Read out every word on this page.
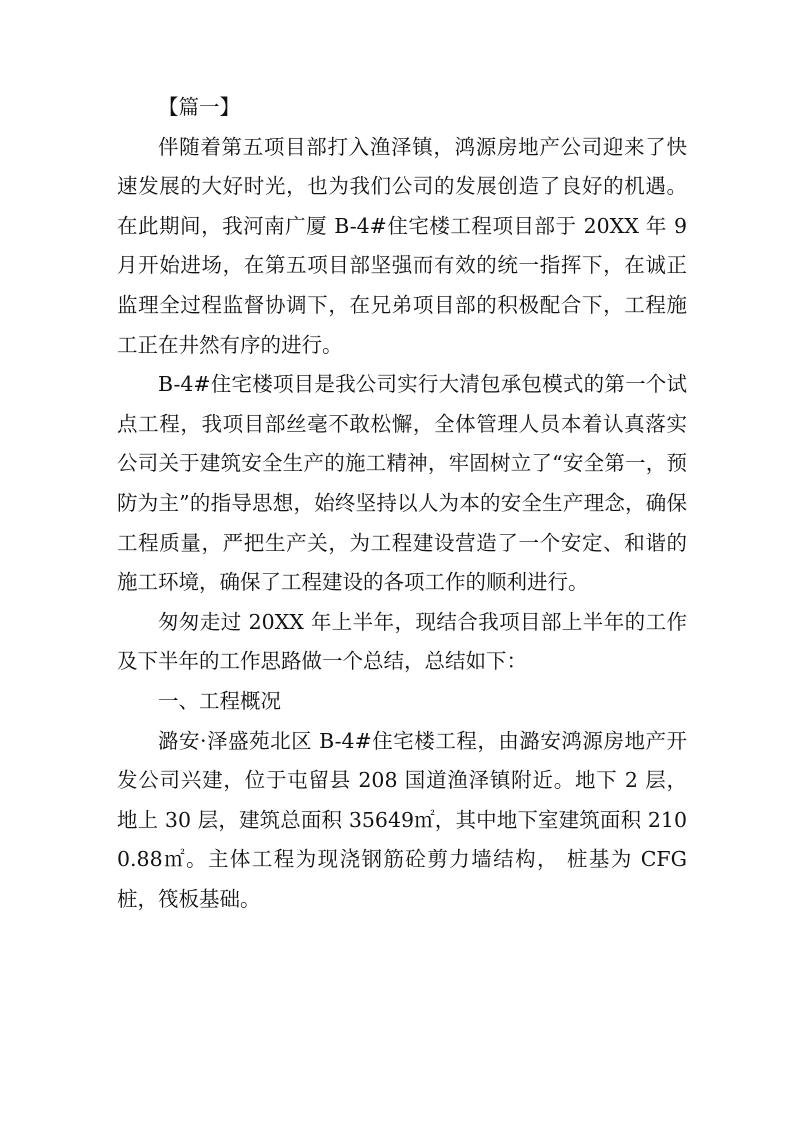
【篇一】

伴随着第五项目部打入渔泽镇，鸿源房地产公司迎来了快速发展的大好时光，也为我们公司的发展创造了良好的机遇。在此期间，我河南广厦 B-4#住宅楼工程项目部于 20XX 年 9 月开始进场，在第五项目部坚强而有效的统一指挥下，在诚正监理全过程监督协调下，在兄弟项目部的积极配合下，工程施工正在井然有序的进行。

B-4#住宅楼项目是我公司实行大清包承包模式的第一个试点工程，我项目部丝毫不敢松懈，全体管理人员本着认真落实公司关于建筑安全生产的施工精神，牢固树立了“安全第一，预防为主”的指导思想，始终坚持以人为本的安全生产理念，确保工程质量，严把生产关，为工程建设营造了一个安定、和谐的施工环境，确保了工程建设的各项工作的顺利进行。

匆匆走过 20XX 年上半年，现结合我项目部上半年的工作及下半年的工作思路做一个总结，总结如下：

一、工程概况

潞安·泽盛苑北区 B-4#住宅楼工程，由潞安鸿源房地产开发公司兴建，位于屯留县 208 国道渔泽镇附近。地下 2 层，地上 30 层，建筑总面积 35649㎡，其中地下室建筑面积 2100.88㎡。主体工程为现浇钢筋砼剪力墙结构， 桩基为 CFG 桩，筏板基础。
